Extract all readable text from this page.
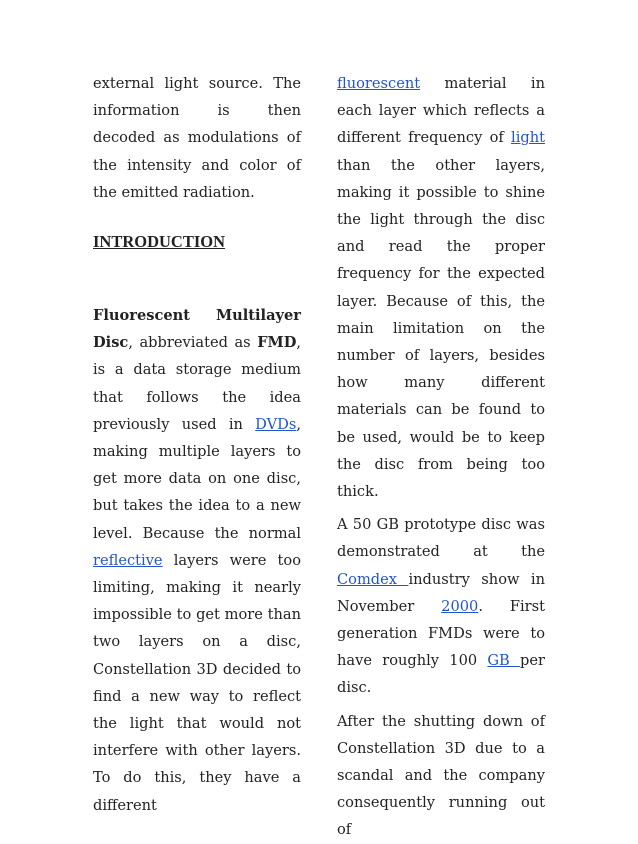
external light source. The information is then decoded as modulations of the intensity and color of the emitted radiation.

INTRODUCTION

Fluorescent Multilayer Disc, abbreviated as FMD, is a data storage medium that follows the idea previously used in DVDs, making multiple layers to get more data on one disc, but takes the idea to a new level. Because the normal reflective layers were too limiting, making it nearly impossible to get more than two layers on a disc, Constellation 3D decided to find a new way to reflect the light that would not interfere with other layers. To do this, they have a different

fluorescent material in each layer which reflects a different frequency of light than the other layers, making it possible to shine the light through the disc and read the proper frequency for the expected layer. Because of this, the main limitation on the number of layers, besides how many different materials can be found to be used, would be to keep the disc from being too thick.

A 50 GB prototype disc was demonstrated at the Comdex industry show in November 2000. First generation FMDs were to have roughly 100 GB per disc.

After the shutting down of Constellation 3D due to a scandal and the company consequently running out of
